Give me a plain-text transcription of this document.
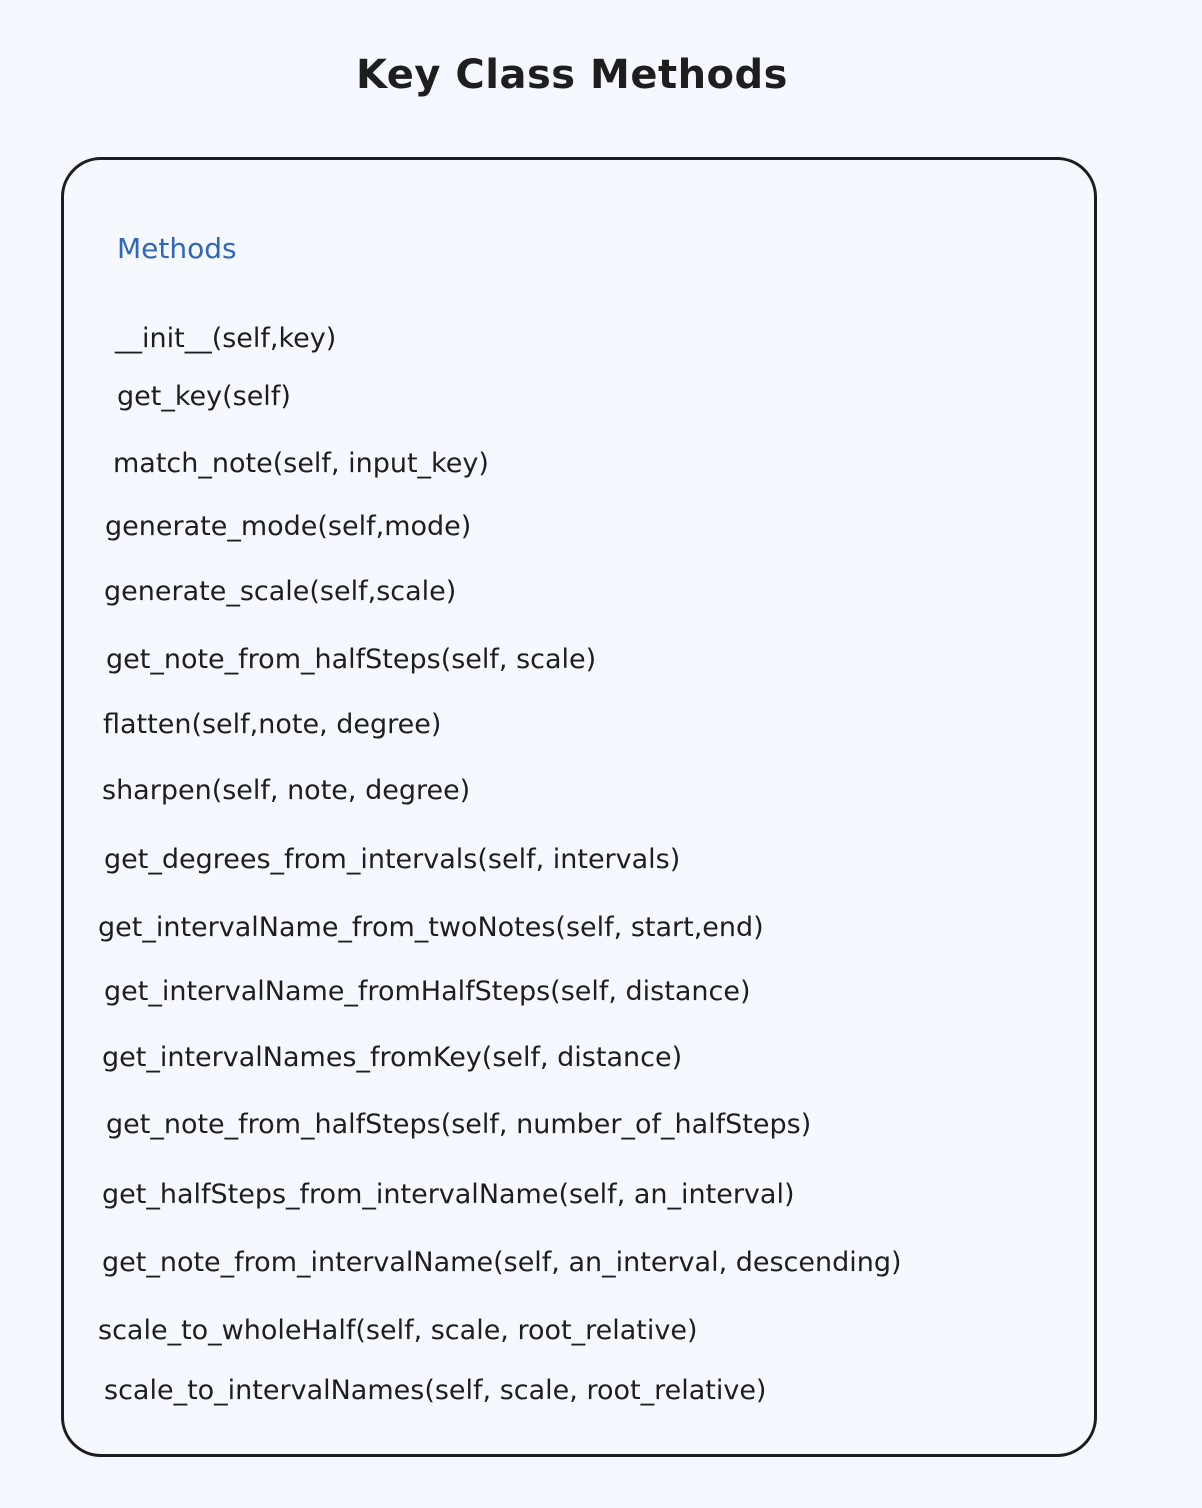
Key Class Methods
Methods
__init__(self,key)
get_key(self)
match_note(self, input_key)
generate_mode(self,mode)
generate_scale(self,scale)
get_note_from_halfSteps(self, scale)
flatten(self,note, degree)
sharpen(self, note, degree)
get_degrees_from_intervals(self, intervals)
get_intervalName_from_twoNotes(self, start,end)
get_intervalName_fromHalfSteps(self, distance)
get_intervalNames_fromKey(self, distance)
get_note_from_halfSteps(self, number_of_halfSteps)
get_halfSteps_from_intervalName(self, an_interval)
get_note_from_intervalName(self, an_interval, descending)
scale_to_wholeHalf(self, scale, root_relative)
scale_to_intervalNames(self, scale, root_relative)
